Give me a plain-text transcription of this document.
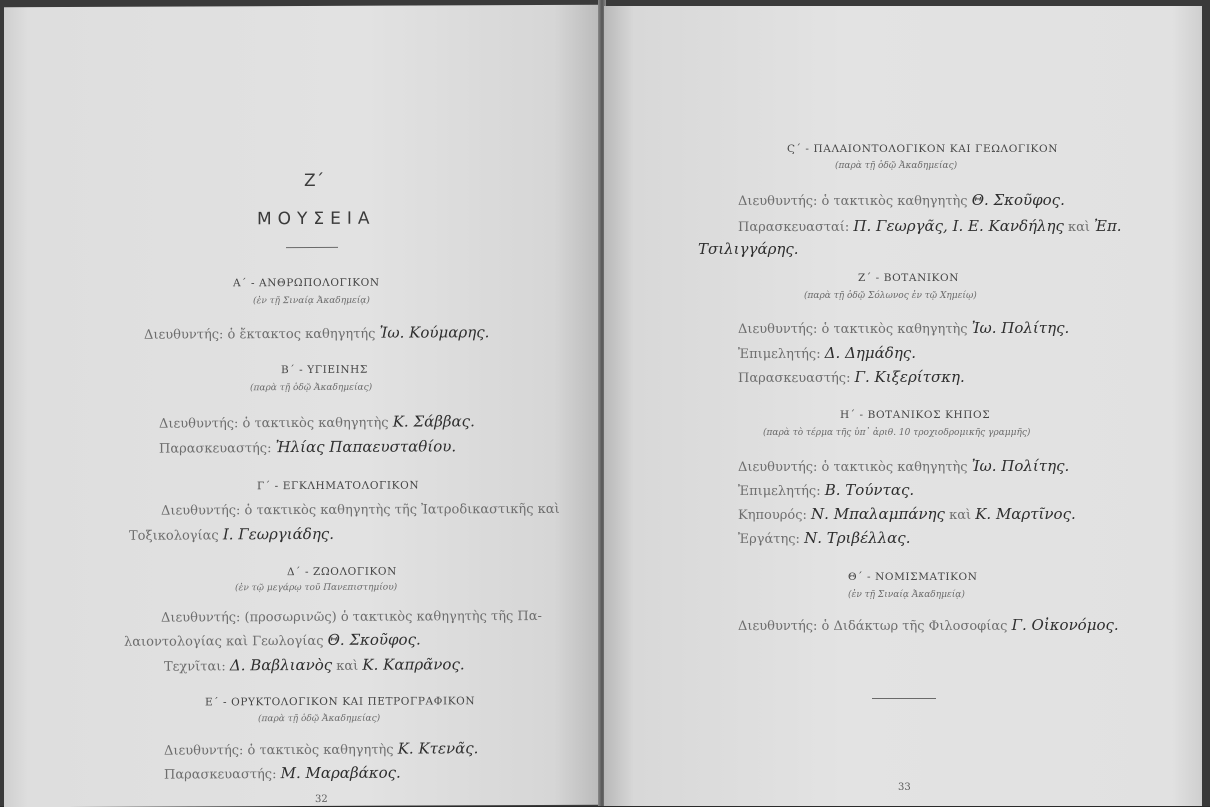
Ζ΄
ΜΟΥΣΕΙΑ
Α΄ - ΑΝΘΡΩΠΟΛΟΓΙΚΟΝ
(ἐν τῇ Σιναίᾳ Ἀκαδημείᾳ)
Διευθυντής: ὁ ἔκτακτος καθηγητής Ἰω. Κούμαρης.
Β΄ - ΥΓΙΕΙΝΗΣ
(παρὰ τῇ ὁδῷ Ἀκαδημείας)
Διευθυντής: ὁ τακτικὸς καθηγητὴς Κ. Σάββας.
Παρασκευαστής: Ἠλίας Παπαευσταθίου.
Γ΄ - ΕΓΚΛΗΜΑΤΟΛΟΓΙΚΟΝ
Διευθυντής: ὁ τακτικὸς καθηγητὴς τῆς Ἰατροδικαστικῆς καὶ
Τοξικολογίας Ι. Γεωργιάδης.
Δ΄ - ΖΩΟΛΟΓΙΚΟΝ
(ἐν τῷ μεγάρῳ τοῦ Πανεπιστημίου)
Διευθυντής: (προσωρινῶς) ὁ τακτικὸς καθηγητὴς τῆς Πα-
λαιοντολογίας καὶ Γεωλογίας Θ. Σκοῦφος.
Τεχνῖται: Δ. Βαβλιανὸς καὶ Κ. Καπρᾶνος.
Ε΄ - ΟΡΥΚΤΟΛΟΓΙΚΟΝ ΚΑΙ ΠΕΤΡΟΓΡΑΦΙΚΟΝ
(παρὰ τῇ ὁδῷ Ἀκαδημείας)
Διευθυντής: ὁ τακτικὸς καθηγητὴς Κ. Κτενᾶς.
Παρασκευαστής: Μ. Μαραβάκος.
32
Ϛ΄ - ΠΑΛΑΙΟΝΤΟΛΟΓΙΚΟΝ ΚΑΙ ΓΕΩΛΟΓΙΚΟΝ
(παρὰ τῇ ὁδῷ Ἀκαδημείας)
Διευθυντής: ὁ τακτικὸς καθηγητὴς Θ. Σκοῦφος.
Παρασκευασταί: Π. Γεωργᾶς, Ι. Ε. Κανδήλης καὶ Ἐπ.
Τσιλιγγάρης.
Ζ΄ - ΒΟΤΑΝΙΚΟΝ
(παρὰ τῇ ὁδῷ Σόλωνος ἐν τῷ Χημείῳ)
Διευθυντής: ὁ τακτικὸς καθηγητὴς Ἰω. Πολίτης.
Ἐπιμελητής: Δ. Δημάδης.
Παρασκευαστής: Γ. Κιξερίτσκη.
Η΄ - ΒΟΤΑΝΙΚΟΣ ΚΗΠΟΣ
(παρὰ τὸ τέρμα τῆς ὑπ᾿ ἀριθ. 10 τροχιοδρομικῆς γραμμῆς)
Διευθυντής: ὁ τακτικὸς καθηγητὴς Ἰω. Πολίτης.
Ἐπιμελητής: Β. Τούντας.
Κηπουρός: Ν. Μπαλαμπάνης καὶ Κ. Μαρτῖνος.
Ἐργάτης: Ν. Τριβέλλας.
Θ΄ - ΝΟΜΙΣΜΑΤΙΚΟΝ
(ἐν τῇ Σιναίᾳ Ἀκαδημείᾳ)
Διευθυντής: ὁ Διδάκτωρ τῆς Φιλοσοφίας Γ. Οἰκονόμος.
33
